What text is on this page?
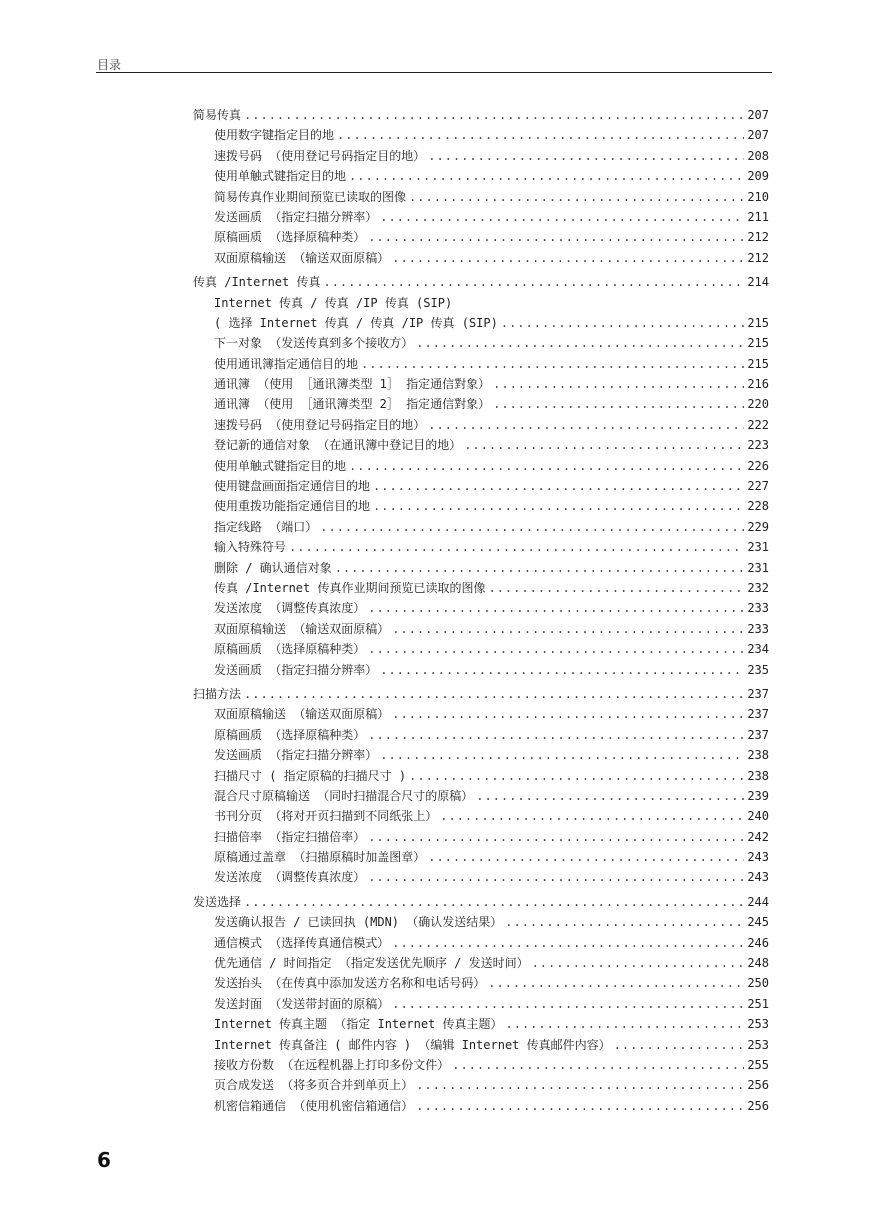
目录
简易传真 .....	207
使用数字键指定目的地 .....	207
速拨号码 （使用登记号码指定目的地） .....	208
使用单触式键指定目的地 .....	209
简易传真作业期间预览已读取的图像 .....	210
发送画质 （指定扫描分辨率） .....	211
原稿画质 （选择原稿种类） .....	212
双面原稿输送 （输送双面原稿） .....	212
传真 /Internet 传真 .....	214
Internet 传真 / 传真 /IP 传真 (SIP)
( 选择 Internet 传真 / 传真 /IP 传真 (SIP) .....	215
下一对象 （发送传真到多个接收方） .....	215
使用通讯簿指定通信目的地 .....	215
通讯簿 （使用 ［通讯簿类型 1］ 指定通信對象） .....	216
通讯簿 （使用 ［通讯簿类型 2］ 指定通信對象） .....	220
速拨号码 （使用登记号码指定目的地） .....	222
登记新的通信对象 （在通讯簿中登记目的地） .....	223
使用单触式键指定目的地 .....	226
使用键盘画面指定通信目的地 .....	227
使用重拨功能指定通信目的地 .....	228
指定线路 （端口） .....	229
输入特殊符号 .....	231
删除 / 确认通信对象 .....	231
传真 /Internet 传真作业期间预览已读取的图像 .....	232
发送浓度 （调整传真浓度） .....	233
双面原稿输送 （输送双面原稿） .....	233
原稿画质 （选择原稿种类） .....	234
发送画质 （指定扫描分辨率） .....	235
扫描方法 .....	237
双面原稿输送 （输送双面原稿） .....	237
原稿画质 （选择原稿种类） .....	237
发送画质 （指定扫描分辨率） .....	238
扫描尺寸 ( 指定原稿的扫描尺寸 ) .....	238
混合尺寸原稿输送 （同时扫描混合尺寸的原稿） .....	239
书刊分页 （将对开页扫描到不同纸张上） .....	240
扫描倍率 （指定扫描倍率） .....	242
原稿通过盖章 （扫描原稿时加盖图章） .....	243
发送浓度 （调整传真浓度） .....	243
发送选择 .....	244
发送确认报告 / 已读回执 (MDN) （确认发送结果） .....	245
通信模式 （选择传真通信模式） .....	246
优先通信 / 时间指定 （指定发送优先顺序 / 发送时间） .....	248
发送抬头 （在传真中添加发送方名称和电话号码） .....	250
发送封面 （发送带封面的原稿） .....	251
Internet 传真主题 （指定 Internet 传真主题） .....	253
Internet 传真备注 ( 邮件内容 ) （编辑 Internet 传真邮件内容） .....	253
接收方份数 （在远程机器上打印多份文件） .....	255
页合成发送 （将多页合并到单页上） .....	256
机密信箱通信 （使用机密信箱通信） .....	256
6
